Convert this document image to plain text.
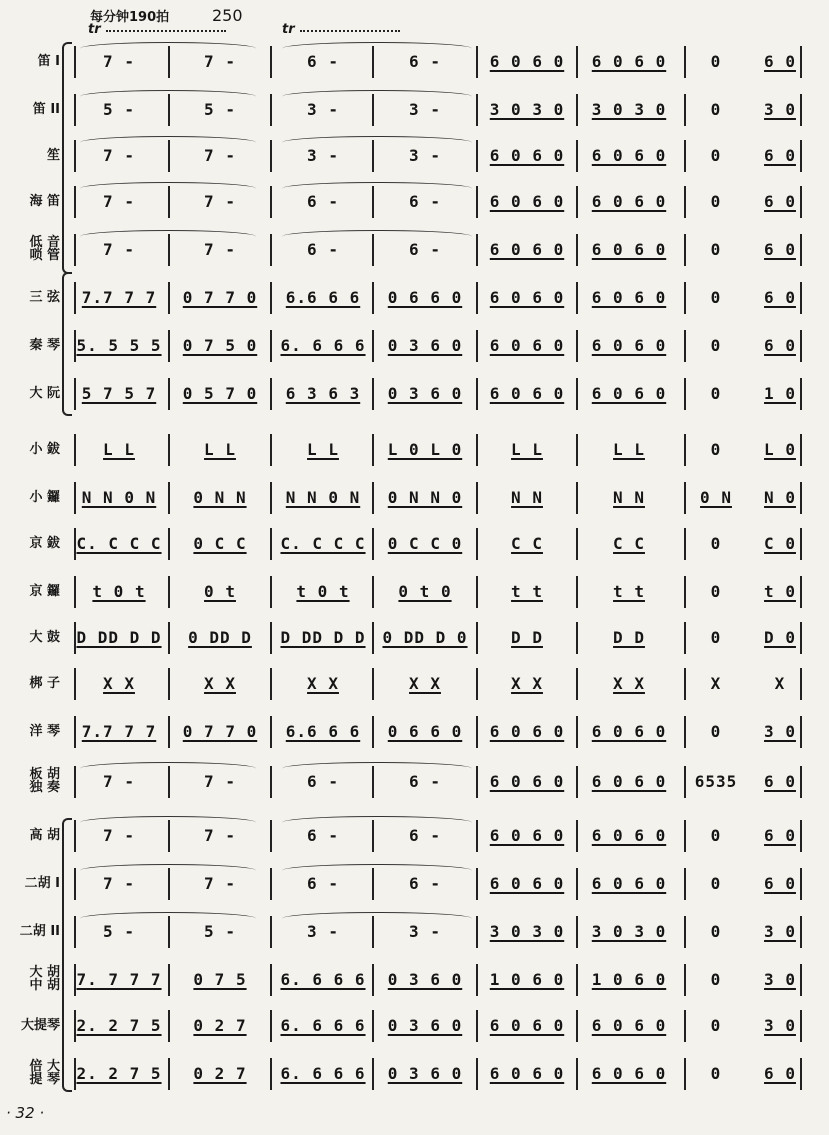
每分钟190拍	250
tr	tr
笛 I	7 -	7 -	6 -	6 -	6 0 6 0	6 0 6 0	0	6 0
笛 II	5 -	5 -	3 -	3 -	3 0 3 0	3 0 3 0	0	3 0
笙	7 -	7 -	3 -	3 -	6 0 6 0	6 0 6 0	0	6 0
海 笛	7 -	7 -	6 -	6 -	6 0 6 0	6 0 6 0	0	6 0
低 音
唢 管	7 -	7 -	6 -	6 -	6 0 6 0	6 0 6 0	0	6 0
三 弦	7.7 7 7	0 7 7 0	6.6 6 6	0 6 6 0	6 0 6 0	6 0 6 0	0	6 0
秦 琴 5. 5 5 5	0 7 5 0	6. 6 6 6	0 3 6 0	6 0 6 0	6 0 6 0	0	6 0
大 阮	5 7 5 7	0 5 7 0	6 3 6 3	0 3 6 0	6 0 6 0	6 0 6 0	0	1 0
小 鈸	L L	L L	L L	L 0 L 0	L L	L L	0	L 0
小 鑼	N N 0 N	0 N N	N N 0 N	0 N N 0	N N	N N	0 N	N 0
京 鈸 C. C C C	0 C C	C. C C C	0 C C 0	C C	C C	0	C 0
京 鑼	t 0 t	0 t	t 0 t	0 t 0	t t	t t	0	t 0
大 鼓 D DD D D	0 DD D	D DD D D	0 DD D 0	D D	D D	0	D 0
梆 子	X X	X X	X X	X X	X X	X X	X	X
洋 琴	7.7 7 7	0 7 7 0	6.6 6 6	0 6 6 0	6 0 6 0	6 0 6 0	0	3 0
板 胡
独 奏	7 -	7 -	6 -	6 -	6 0 6 0	6 0 6 0	6535	6 0
高 胡	7 -	7 -	6 -	6 -	6 0 6 0	6 0 6 0	0	6 0
二胡 I	7 -	7 -	6 -	6 -	6 0 6 0	6 0 6 0	0	6 0
二胡 II	5 -	5 -	3 -	3 -	3 0 3 0	3 0 3 0	0	3 0
大 胡
中 胡 7. 7 7 7	0 7 5	6. 6 6 6	0 3 6 0	1 0 6 0	1 0 6 0	0	3 0
大提琴 2. 2 7 5	0 2 7	6. 6 6 6	0 3 6 0	6 0 6 0	6 0 6 0	0	3 0
倍 大
提 琴 2. 2 7 5	0 2 7	6. 6 6 6	0 3 6 0	6 0 6 0	6 0 6 0	0	6 0
· 32 ·
